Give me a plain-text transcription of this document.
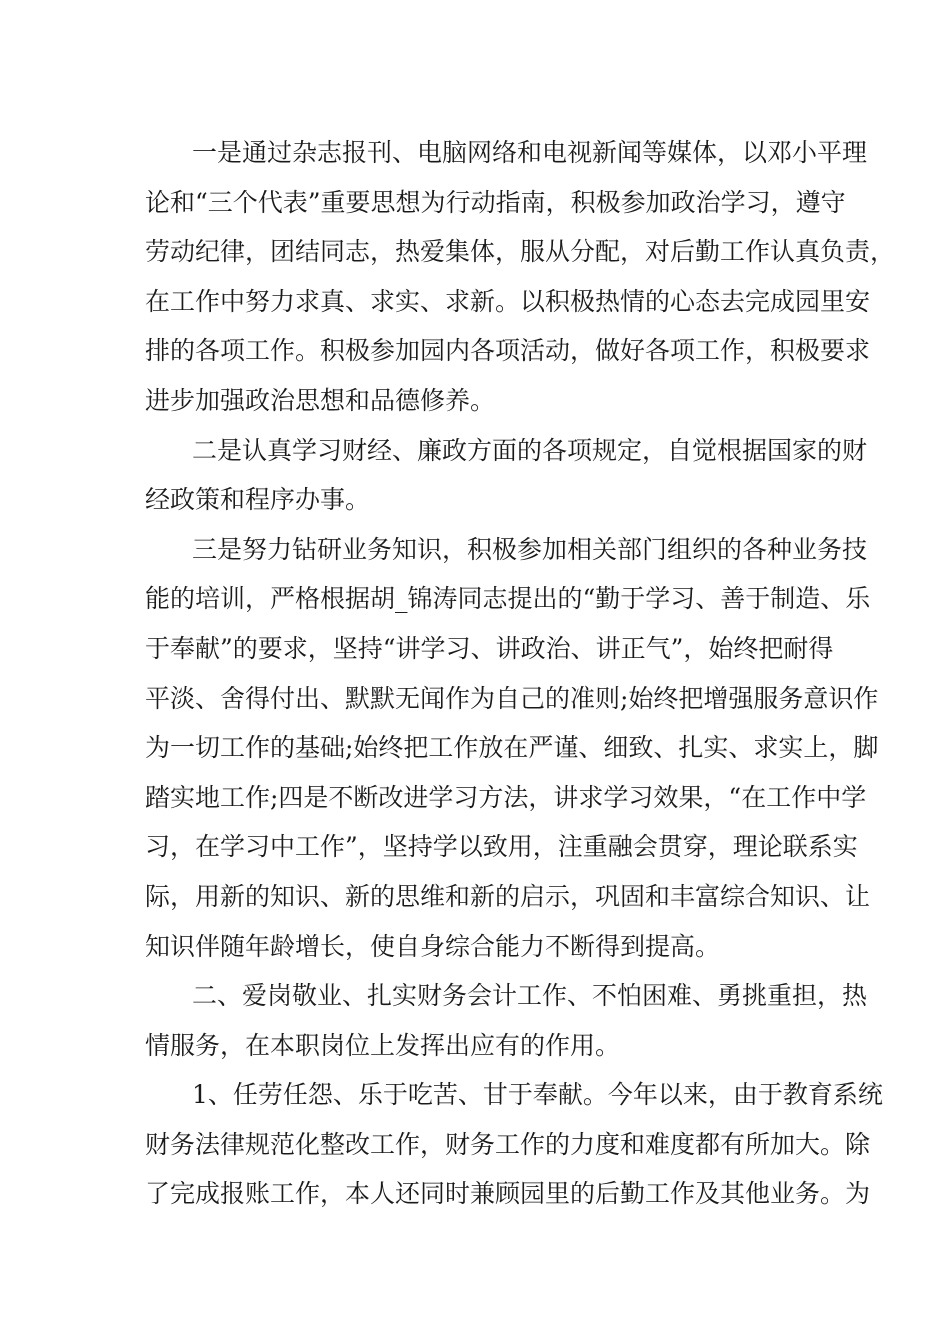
一是通过杂志报刊、电脑网络和电视新闻等媒体，以邓小平理
论和“三个代表”重要思想为行动指南，积极参加政治学习，遵守
劳动纪律，团结同志，热爱集体，服从分配，对后勤工作认真负责，
在工作中努力求真、求实、求新。以积极热情的心态去完成园里安
排的各项工作。积极参加园内各项活动，做好各项工作，积极要求
进步加强政治思想和品德修养。

二是认真学习财经、廉政方面的各项规定，自觉根据国家的财
经政策和程序办事。

三是努力钻研业务知识，积极参加相关部门组织的各种业务技
能的培训，严格根据胡_锦涛同志提出的“勤于学习、善于制造、乐
于奉献”的要求，坚持“讲学习、讲政治、讲正气”，始终把耐得
平淡、舍得付出、默默无闻作为自己的准则;始终把增强服务意识作
为一切工作的基础;始终把工作放在严谨、细致、扎实、求实上，脚
踏实地工作;四是不断改进学习方法，讲求学习效果，“在工作中学
习，在学习中工作”，坚持学以致用，注重融会贯穿，理论联系实
际，用新的知识、新的思维和新的启示，巩固和丰富综合知识、让
知识伴随年龄增长，使自身综合能力不断得到提高。

二、爱岗敬业、扎实财务会计工作、不怕困难、勇挑重担，热
情服务，在本职岗位上发挥出应有的作用。

1、任劳任怨、乐于吃苦、甘于奉献。今年以来，由于教育系统
财务法律规范化整改工作，财务工作的力度和难度都有所加大。除
了完成报账工作，本人还同时兼顾园里的后勤工作及其他业务。为
